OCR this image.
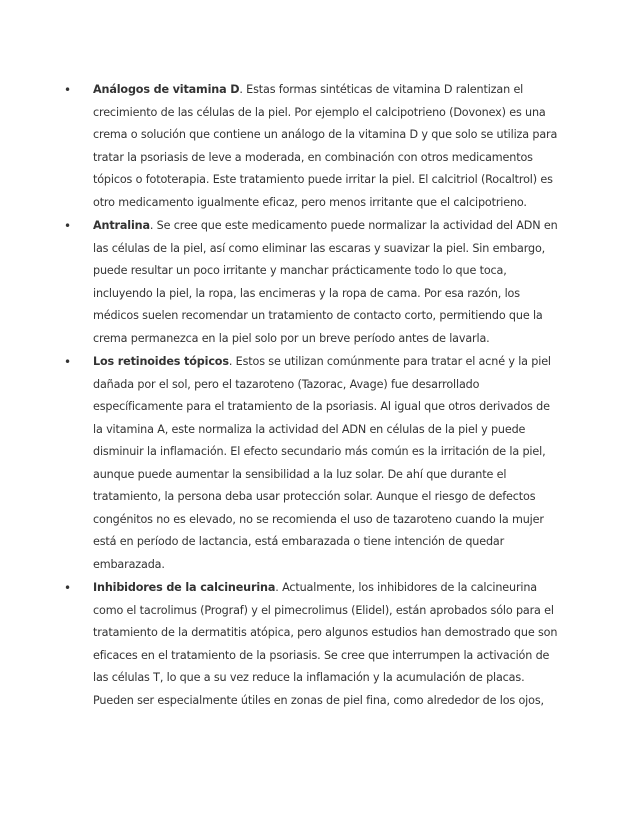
• Análogos de vitamina D. Estas formas sintéticas de vitamina D ralentizan el
crecimiento de las células de la piel. Por ejemplo el calcipotrieno (Dovonex) es una
crema o solución que contiene un análogo de la vitamina D y que solo se utiliza para
tratar la psoriasis de leve a moderada, en combinación con otros medicamentos
tópicos o fototerapia. Este tratamiento puede irritar la piel. El calcitriol (Rocaltrol) es
otro medicamento igualmente eficaz, pero menos irritante que el calcipotrieno.
• Antralina. Se cree que este medicamento puede normalizar la actividad del ADN en
las células de la piel, así como eliminar las escaras y suavizar la piel. Sin embargo,
puede resultar un poco irritante y manchar prácticamente todo lo que toca,
incluyendo la piel, la ropa, las encimeras y la ropa de cama. Por esa razón, los
médicos suelen recomendar un tratamiento de contacto corto, permitiendo que la
crema permanezca en la piel solo por un breve período antes de lavarla.
• Los retinoides tópicos. Estos se utilizan comúnmente para tratar el acné y la piel
dañada por el sol, pero el tazaroteno (Tazorac, Avage) fue desarrollado
específicamente para el tratamiento de la psoriasis. Al igual que otros derivados de
la vitamina A, este normaliza la actividad del ADN en células de la piel y puede
disminuir la inflamación. El efecto secundario más común es la irritación de la piel,
aunque puede aumentar la sensibilidad a la luz solar. De ahí que durante el
tratamiento, la persona deba usar protección solar. Aunque el riesgo de defectos
congénitos no es elevado, no se recomienda el uso de tazaroteno cuando la mujer
está en período de lactancia, está embarazada o tiene intención de quedar
embarazada.
• Inhibidores de la calcineurina. Actualmente, los inhibidores de la calcineurina
como el tacrolimus (Prograf) y el pimecrolimus (Elidel), están aprobados sólo para el
tratamiento de la dermatitis atópica, pero algunos estudios han demostrado que son
eficaces en el tratamiento de la psoriasis. Se cree que interrumpen la activación de
las células T, lo que a su vez reduce la inflamación y la acumulación de placas.
Pueden ser especialmente útiles en zonas de piel fina, como alrededor de los ojos,
